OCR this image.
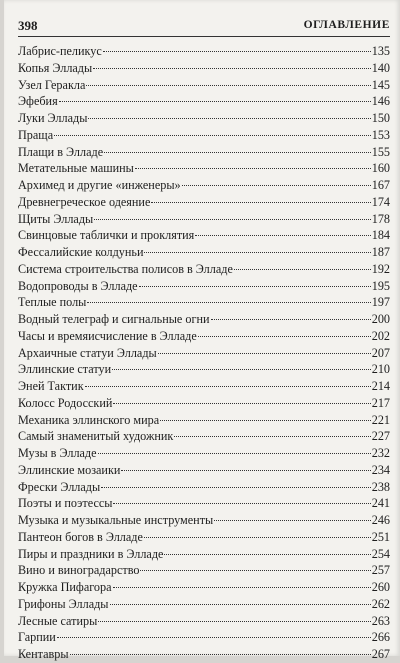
398	ОГЛАВЛЕНИЕ
Лабрис-пеликус	135
Копья Эллады	140
Узел Геракла	145
Эфебия	146
Луки Эллады	150
Праща	153
Плащи в Элладе	155
Метательные машины	160
Архимед и другие «инженеры»	167
Древнегреческое одеяние	174
Щиты Эллады	178
Свинцовые таблички и проклятия	184
Фессалийские колдуньи	187
Система строительства полисов в Элладе	192
Водопроводы в Элладе	195
Теплые полы	197
Водный телеграф и сигнальные огни	200
Часы и времяисчисление в Элладе	202
Архаичные статуи Эллады	207
Эллинские статуи	210
Эней Тактик	214
Колосс Родосский	217
Механика эллинского мира	221
Самый знаменитый художник	227
Музы в Элладе	232
Эллинские мозаики	234
Фрески Эллады	238
Поэты и поэтессы	241
Музыка и музыкальные инструменты	246
Пантеон богов в Элладе	251
Пиры и праздники в Элладе	254
Вино и виноградарство	257
Кружка Пифагора	260
Грифоны Эллады	262
Лесные сатиры	263
Гарпии	266
Кентавры	267
